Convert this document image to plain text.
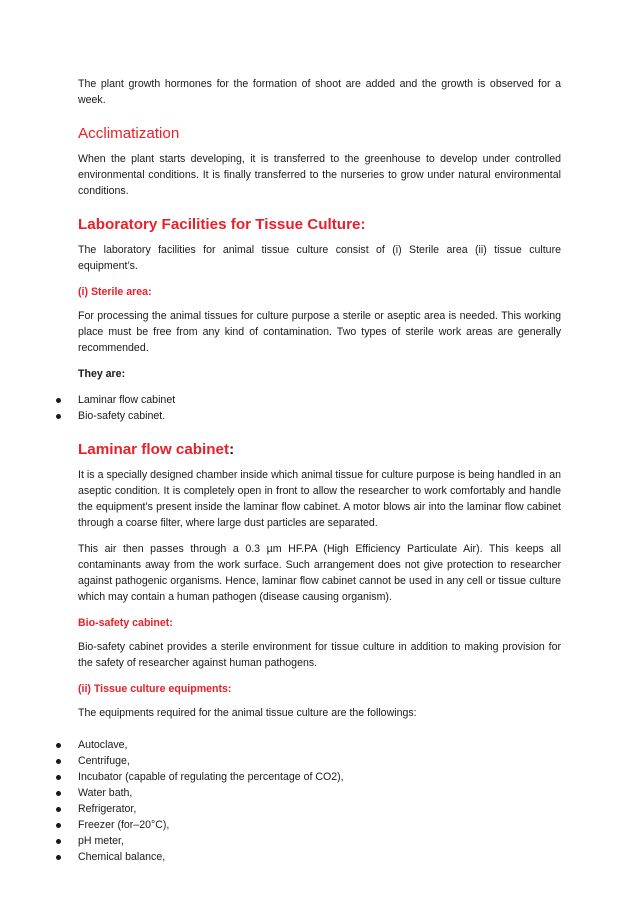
The plant growth hormones for the formation of shoot are added and the growth is observed for a week.

Acclimatization

When the plant starts developing, it is transferred to the greenhouse to develop under controlled environmental conditions. It is finally transferred to the nurseries to grow under natural environmental conditions.

Laboratory Facilities for Tissue Culture:

The laboratory facilities for animal tissue culture consist of (i) Sterile area (ii) tissue culture equipment’s.

(i) Sterile area:

For processing the animal tissues for culture purpose a sterile or aseptic area is needed. This working place must be free from any kind of contamination. Two types of sterile work areas are generally recommended.

They are:

Laminar flow cabinet
Bio-safety cabinet.
Laminar flow cabinet:

It is a specially designed chamber inside which animal tissue for culture purpose is being handled in an aseptic condition. It is completely open in front to allow the researcher to work comfortably and handle the equipment’s present inside the laminar flow cabinet. A motor blows air into the laminar flow cabinet through a coarse filter, where large dust particles are separated.

This air then passes through a 0.3 µm HF.PA (High Efficiency Particulate Air). This keeps all contaminants away from the work surface. Such arrangement does not give protection to researcher against pathogenic organisms. Hence, laminar flow cabinet cannot be used in any cell or tissue culture which may contain a human pathogen (disease causing organism).

Bio-safety cabinet:

Bio-safety cabinet provides a sterile environment for tissue culture in addition to making provision for the safety of researcher against human pathogens.

(ii) Tissue culture equipments:

The equipments required for the animal tissue culture are the followings:

Autoclave,
Centrifuge,
Incubator (capable of regulating the percentage of CO2),
Water bath,
Refrigerator,
Freezer (for–20°C),
pH meter,
Chemical balance,
